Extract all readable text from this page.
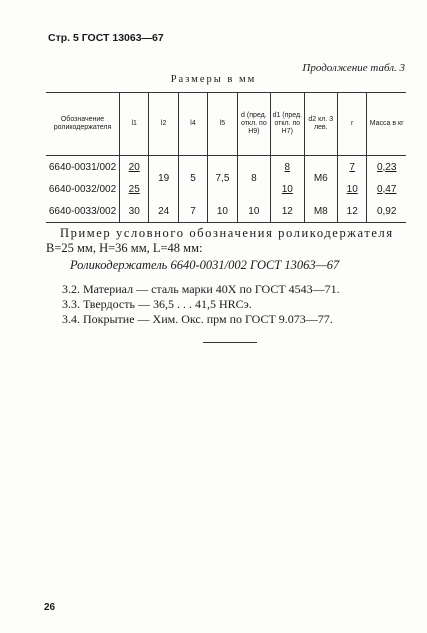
Стр. 5 ГОСТ 13063—67
Продолжение табл. 3
Размеры в мм
Обозначение роликодержателя	l1	l2	l4	l5	d (пред. откл. по H9)	d1 (пред. откл. по H7)	d2 кл. 3 лев.	r	Масса в кг
6640-0031/002	20	19	5	7,5	8	8	М6	7	0,23
6640-0032/002	25					10		10	0,47
6640-0033/002	30	24	7	10	10	12	М8	12	0,92
Пример условного обозначения роликодержателя
B=25 мм, H=36 мм, L=48 мм:
Роликодержатель 6640-0031/002 ГОСТ 13063—67
3.2. Материал — сталь марки 40Х по ГОСТ 4543—71.
3.3. Твердость — 36,5 . . . 41,5 HRCэ.
3.4. Покрытие — Хим. Окс. прм по ГОСТ 9.073—77.
26
